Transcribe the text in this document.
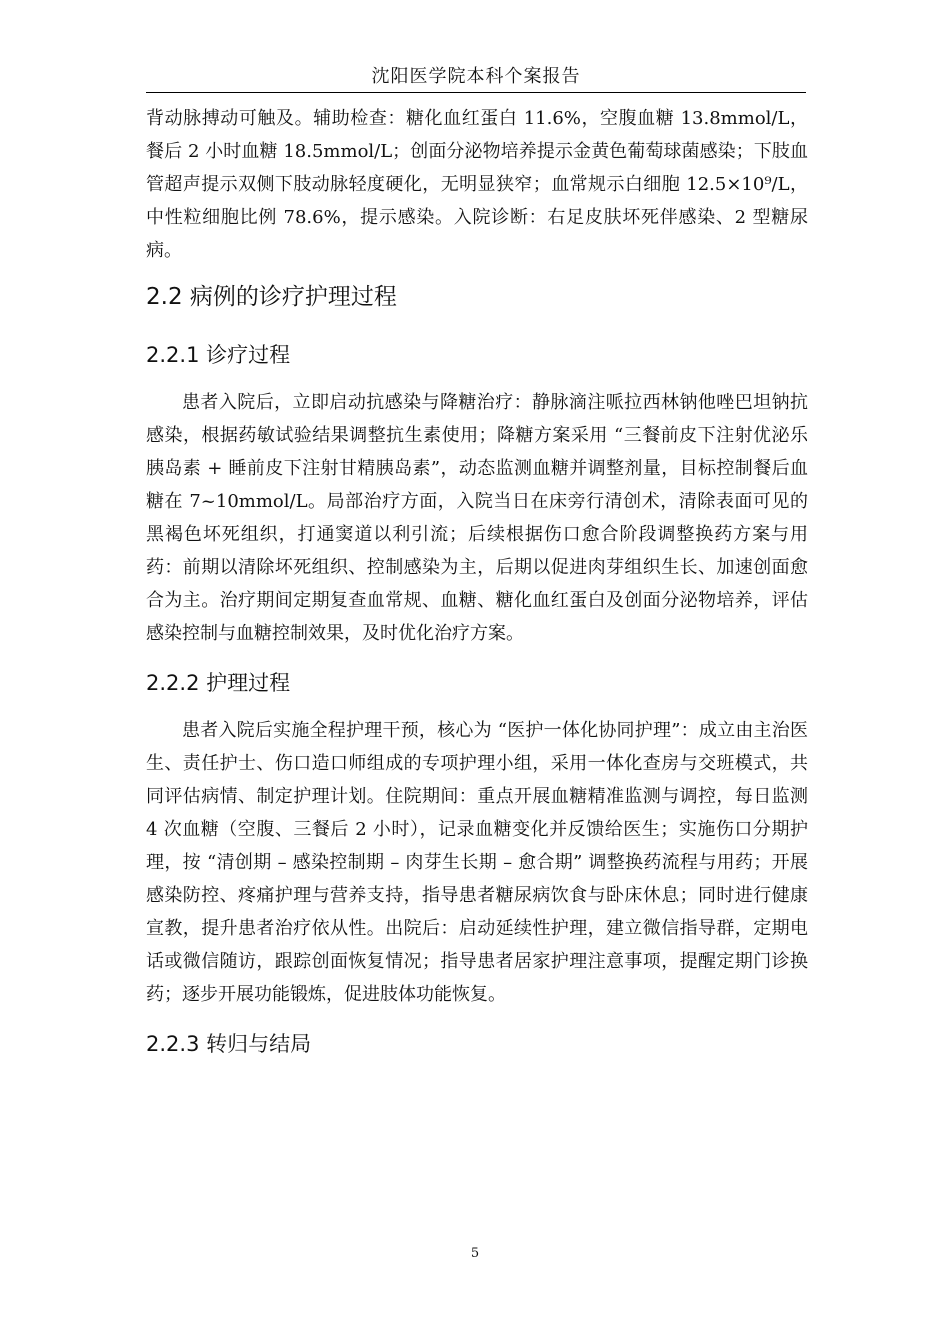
沈阳医学院本科个案报告

背动脉搏动可触及。辅助检查：糖化血红蛋白 11.6%，空腹血糖 13.8mmol/L，餐后 2 小时血糖 18.5mmol/L；创面分泌物培养提示金黄色葡萄球菌感染；下肢血管超声提示双侧下肢动脉轻度硬化，无明显狭窄；血常规示白细胞 12.5×10⁹/L，中性粒细胞比例 78.6%，提示感染。入院诊断：右足皮肤坏死伴感染、2 型糖尿病。

2.2 病例的诊疗护理过程
2.2.1 诊疗过程

患者入院后，立即启动抗感染与降糖治疗：静脉滴注哌拉西林钠他唑巴坦钠抗感染，根据药敏试验结果调整抗生素使用；降糖方案采用 “三餐前皮下注射优泌乐胰岛素 + 睡前皮下注射甘精胰岛素”，动态监测血糖并调整剂量，目标控制餐后血糖在 7~10mmol/L。局部治疗方面，入院当日在床旁行清创术，清除表面可见的黑褐色坏死组织，打通窦道以利引流；后续根据伤口愈合阶段调整换药方案与用药：前期以清除坏死组织、控制感染为主，后期以促进肉芽组织生长、加速创面愈合为主。治疗期间定期复查血常规、血糖、糖化血红蛋白及创面分泌物培养，评估感染控制与血糖控制效果，及时优化治疗方案。

2.2.2 护理过程

患者入院后实施全程护理干预，核心为 “医护一体化协同护理”：成立由主治医生、责任护士、伤口造口师组成的专项护理小组，采用一体化查房与交班模式，共同评估病情、制定护理计划。住院期间：重点开展血糖精准监测与调控，每日监测 4 次血糖（空腹、三餐后 2 小时），记录血糖变化并反馈给医生；实施伤口分期护理，按 “清创期 – 感染控制期 – 肉芽生长期 – 愈合期” 调整换药流程与用药；开展感染防控、疼痛护理与营养支持，指导患者糖尿病饮食与卧床休息；同时进行健康宣教，提升患者治疗依从性。出院后：启动延续性护理，建立微信指导群，定期电话或微信随访，跟踪创面恢复情况；指导患者居家护理注意事项，提醒定期门诊换药；逐步开展功能锻炼，促进肢体功能恢复。

2.2.3 转归与结局
5
